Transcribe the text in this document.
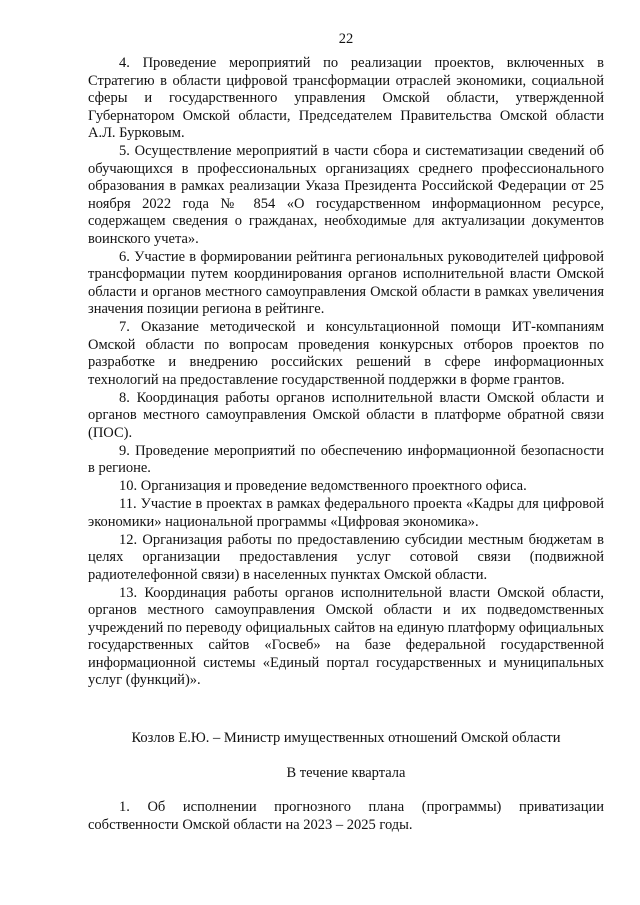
22

4. Проведение мероприятий по реализации проектов, включенных в Стратегию в области цифровой трансформации отраслей экономики, социальной сферы и государственного управления Омской области, утвержденной Губернатором Омской области, Председателем Правительства Омской области А.Л. Бурковым.

5. Осуществление мероприятий в части сбора и систематизации сведений об обучающихся в профессиональных организациях среднего профессионального образования в рамках реализации Указа Президента Российской Федерации от 25 ноября 2022 года № 854 «О государственном информационном ресурсе, содержащем сведения о гражданах, необходимые для актуализации документов воинского учета».

6. Участие в формировании рейтинга региональных руководителей цифровой трансформации путем координирования органов исполнительной власти Омской области и органов местного самоуправления Омской области в рамках увеличения значения позиции региона в рейтинге.

7. Оказание методической и консультационной помощи ИТ-компаниям Омской области по вопросам проведения конкурсных отборов проектов по разработке и внедрению российских решений в сфере информационных технологий на предоставление государственной поддержки в форме грантов.

8. Координация работы органов исполнительной власти Омской области и органов местного самоуправления Омской области в платформе обратной связи (ПОС).

9. Проведение мероприятий по обеспечению информационной безопасности в регионе.

10. Организация и проведение ведомственного проектного офиса.

11. Участие в проектах в рамках федерального проекта «Кадры для цифровой экономики» национальной программы «Цифровая экономика».

12. Организация работы по предоставлению субсидии местным бюджетам в целях организации предоставления услуг сотовой связи (подвижной радиотелефонной связи) в населенных пунктах Омской области.

13. Координация работы органов исполнительной власти Омской области, органов местного самоуправления Омской области и их подведомственных учреждений по переводу официальных сайтов на единую платформу официальных государственных сайтов «Госвеб» на базе федеральной государственной информационной системы «Единый портал государственных и муниципальных услуг (функций)».

Козлов Е.Ю. – Министр имущественных отношений Омской области
В течение квартала

1. Об исполнении прогнозного плана (программы) приватизации собственности Омской области на 2023 – 2025 годы.
